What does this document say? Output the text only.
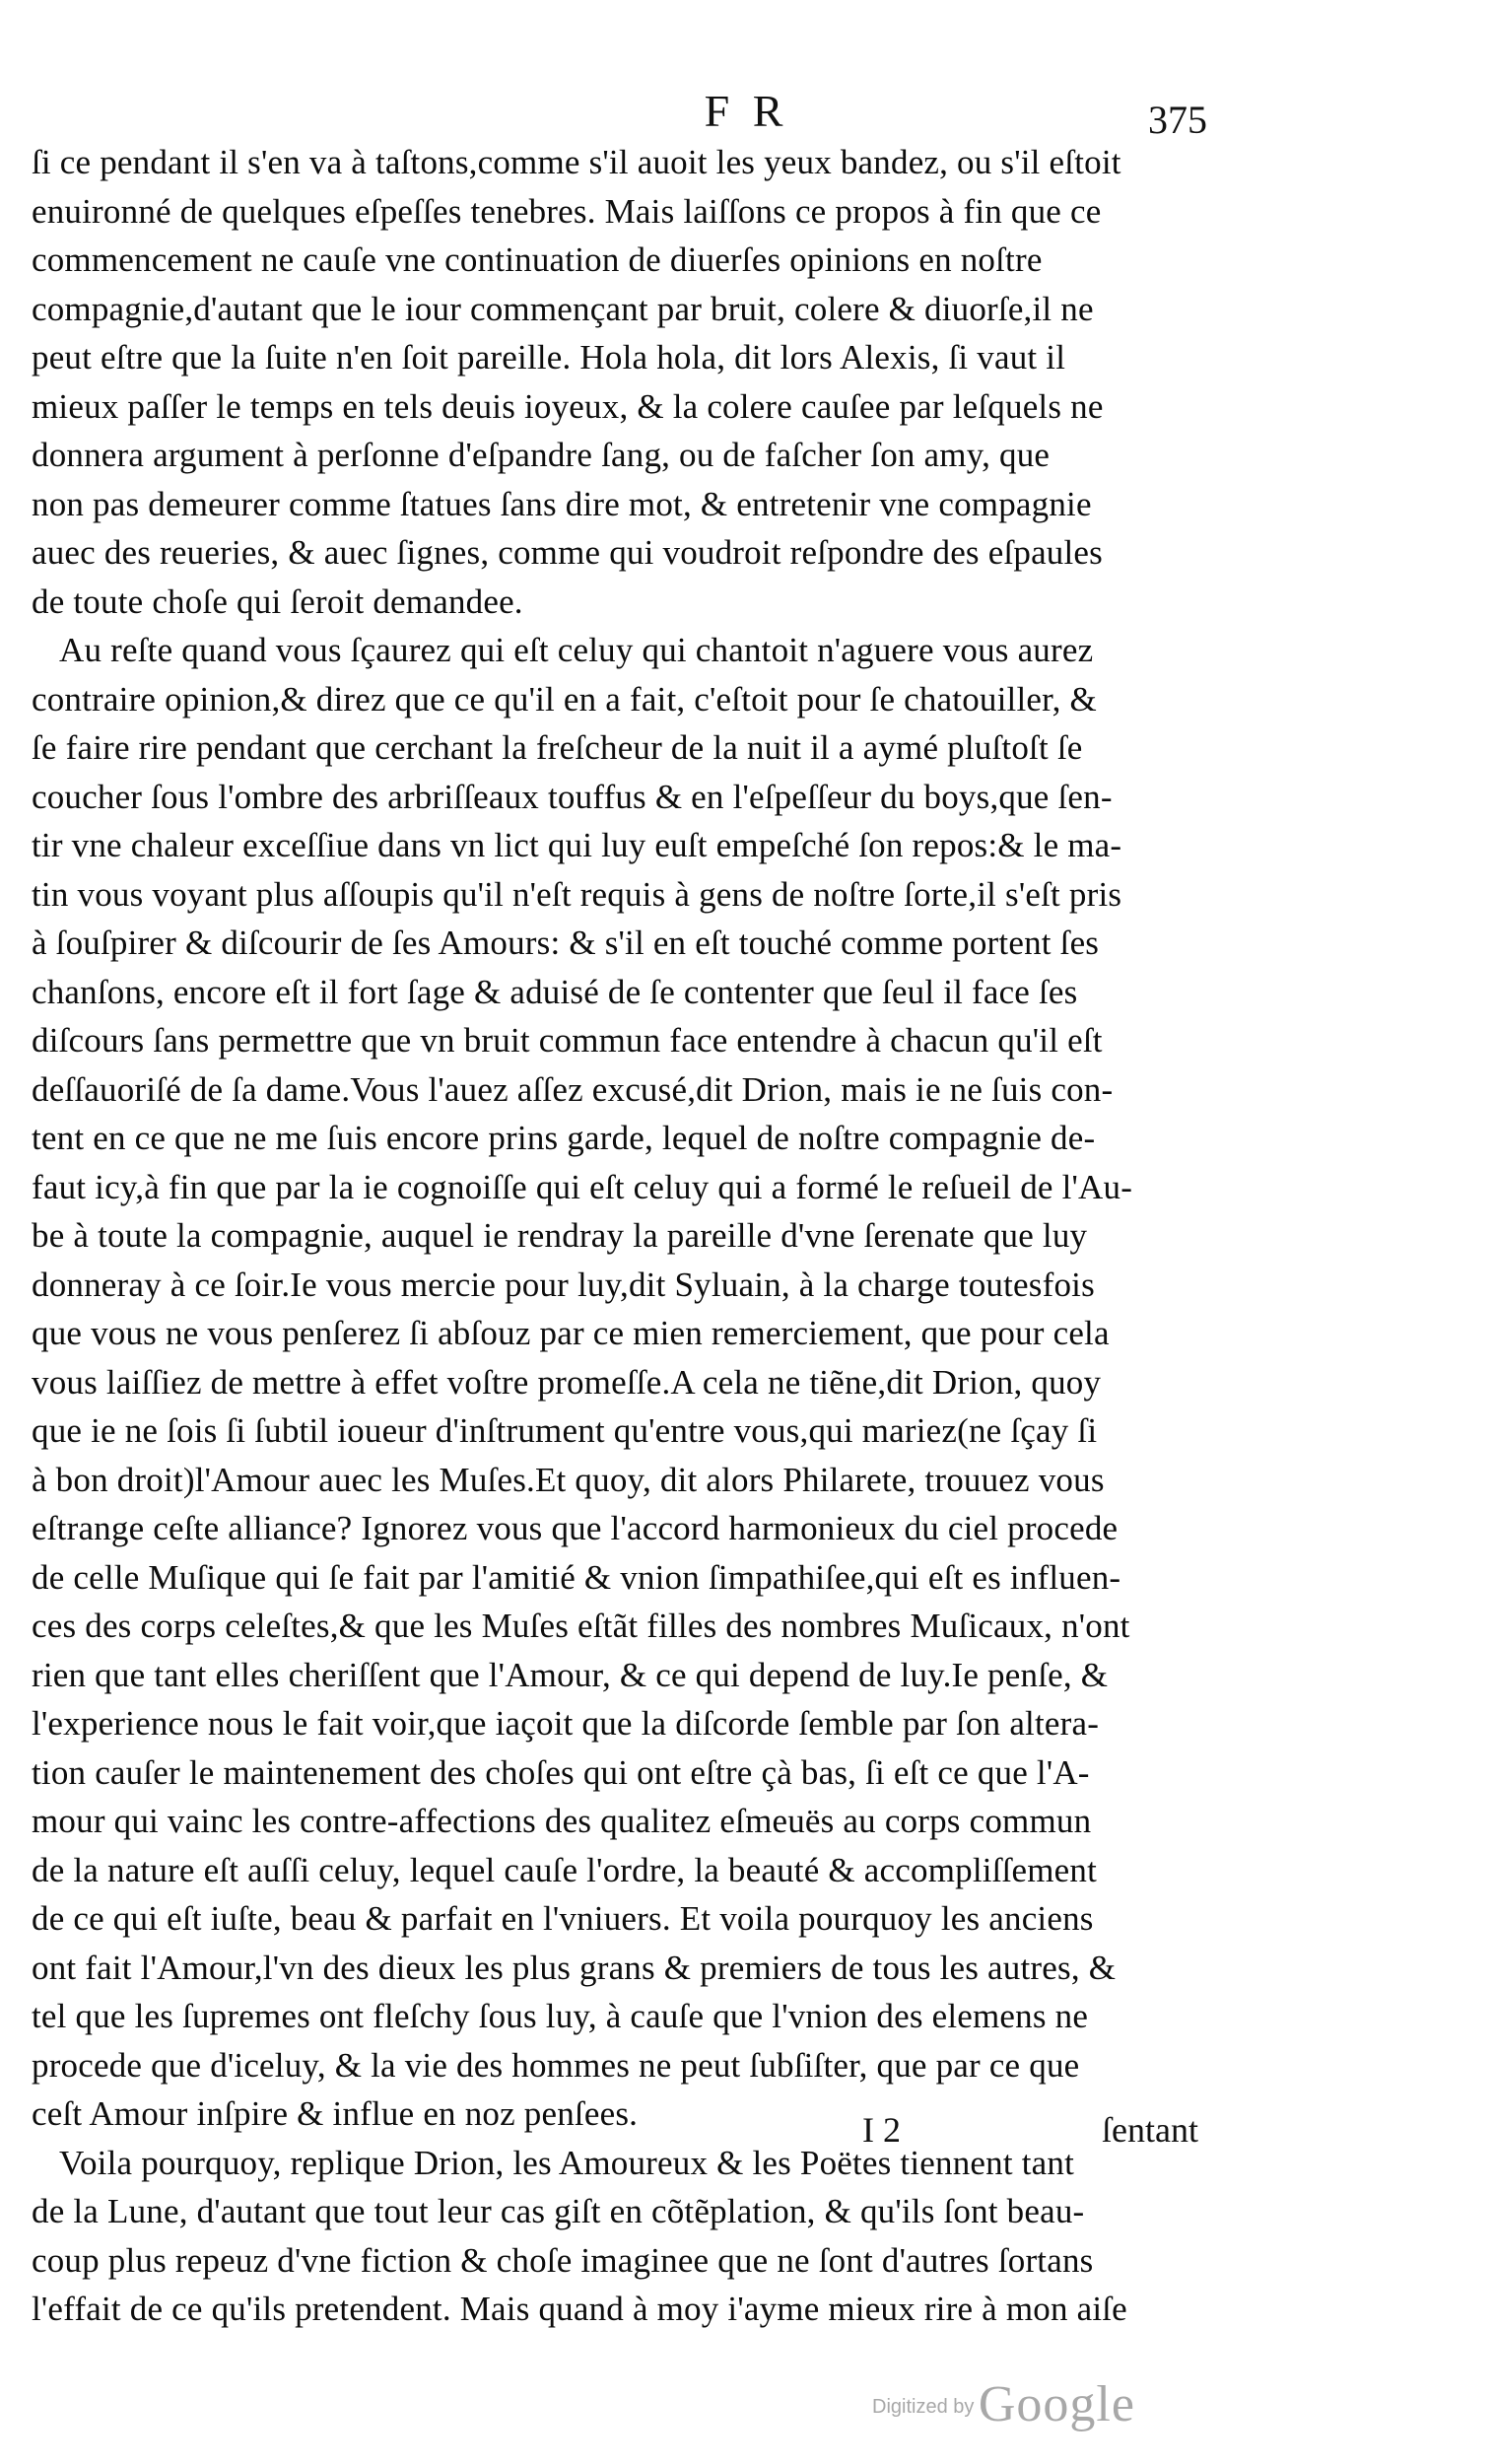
F R	375
ſi ce pendant il s'en va à taſtons,comme s'il auoit les yeux bandez, ou s'il eſtoit
enuironné de quelques eſpeſſes tenebres. Mais laiſſons ce propos à fin que ce
commencement ne cauſe vne continuation de diuerſes opinions en noſtre
compagnie,d'autant que le iour commençant par bruit, colere & diuorſe,il ne
peut eſtre que la ſuite n'en ſoit pareille. Hola hola, dit lors Alexis, ſi vaut il
mieux paſſer le temps en tels deuis ioyeux, & la colere cauſee par leſquels ne
donnera argument à perſonne d'eſpandre ſang, ou de faſcher ſon amy, que
non pas demeurer comme ſtatues ſans dire mot, & entretenir vne compagnie
auec des reueries, & auec ſignes, comme qui voudroit reſpondre des eſpaules
de toute choſe qui ſeroit demandee.
Au reſte quand vous ſçaurez qui eſt celuy qui chantoit n'aguere vous aurez
contraire opinion,& direz que ce qu'il en a fait, c'eſtoit pour ſe chatouiller, &
ſe faire rire pendant que cerchant la freſcheur de la nuit il a aymé pluſtoſt ſe
coucher ſous l'ombre des arbriſſeaux touffus & en l'eſpeſſeur du boys,que ſen-
tir vne chaleur exceſſiue dans vn lict qui luy euſt empeſché ſon repos:& le ma-
tin vous voyant plus aſſoupis qu'il n'eſt requis à gens de noſtre ſorte,il s'eſt pris
à ſouſpirer & diſcourir de ſes Amours: & s'il en eſt touché comme portent ſes
chanſons, encore eſt il fort ſage & aduisé de ſe contenter que ſeul il face ſes
diſcours ſans permettre que vn bruit commun face entendre à chacun qu'il eſt
deſſauoriſé de ſa dame.Vous l'auez aſſez excusé,dit Drion, mais ie ne ſuis con-
tent en ce que ne me ſuis encore prins garde, lequel de noſtre compagnie de-
faut icy,à fin que par la ie cognoiſſe qui eſt celuy qui a formé le reſueil de l'Au-
be à toute la compagnie, auquel ie rendray la pareille d'vne ſerenate que luy
donneray à ce ſoir.Ie vous mercie pour luy,dit Syluain, à la charge toutesfois
que vous ne vous penſerez ſi abſouz par ce mien remerciement, que pour cela
vous laiſſiez de mettre à effet voſtre promeſſe.A cela ne tiẽne,dit Drion, quoy
que ie ne ſois ſi ſubtil ioueur d'inſtrument qu'entre vous,qui mariez(ne ſçay ſi
à bon droit)l'Amour auec les Muſes.Et quoy, dit alors Philarete, trouuez vous
eſtrange ceſte alliance? Ignorez vous que l'accord harmonieux du ciel procede
de celle Muſique qui ſe fait par l'amitié & vnion ſimpathiſee,qui eſt es influen-
ces des corps celeſtes,& que les Muſes eſtãt filles des nombres Muſicaux, n'ont
rien que tant elles cheriſſent que l'Amour, & ce qui depend de luy.Ie penſe, &
l'experience nous le fait voir,que iaçoit que la diſcorde ſemble par ſon altera-
tion cauſer le maintenement des choſes qui ont eſtre çà bas, ſi eſt ce que l'A-
mour qui vainc les contre-affections des qualitez eſmeuës au corps commun
de la nature eſt auſſi celuy, lequel cauſe l'ordre, la beauté & accompliſſement
de ce qui eſt iuſte, beau & parfait en l'vniuers. Et voila pourquoy les anciens
ont fait l'Amour,l'vn des dieux les plus grans & premiers de tous les autres, &
tel que les ſupremes ont fleſchy ſous luy, à cauſe que l'vnion des elemens ne
procede que d'iceluy, & la vie des hommes ne peut ſubſiſter, que par ce que
ceſt Amour inſpire & influe en noz penſees.
Voila pourquoy, replique Drion, les Amoureux & les Poëtes tiennent tant
de la Lune, d'autant que tout leur cas giſt en cõtẽplation, & qu'ils ſont beau-
coup plus repeuz d'vne fiction & choſe imaginee que ne ſont d'autres ſortans
l'effait de ce qu'ils pretendent. Mais quand à moy i'ayme mieux rire à mon aiſe
I 2	ſentant
Digitized by Google
